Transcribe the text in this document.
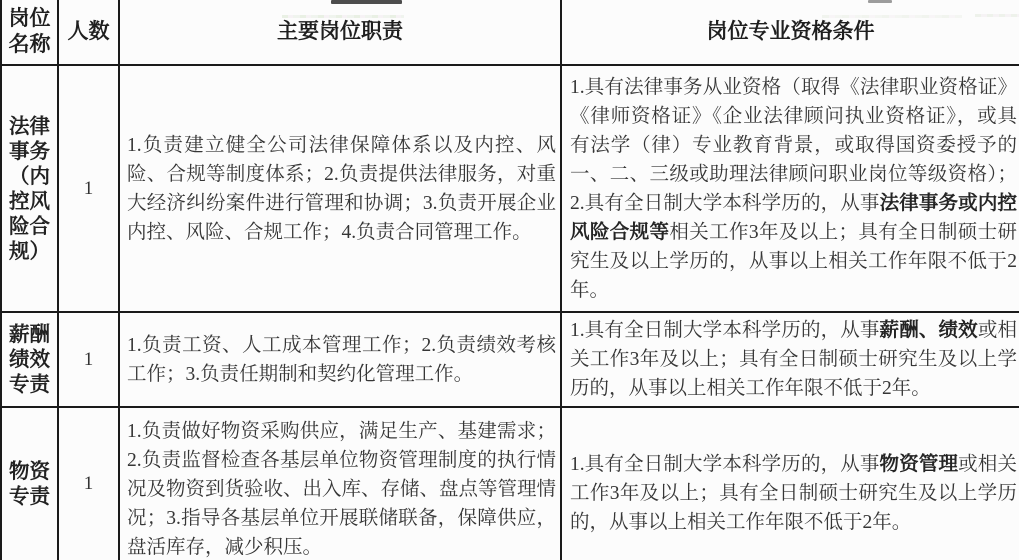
岗位名称
人数	主要岗位职责	岗位专业资格条件
法律事务（内控风险合规）
1
1.负责建立健全公司法律保障体系以及内控、风险、合规等制度体系；2.负责提供法律服务，对重大经济纠纷案件进行管理和协调；3.负责开展企业内控、风险、合规工作；4.负责合同管理工作。
1.具有法律事务从业资格（取得《法律职业资格证》《律师资格证》《企业法律顾问执业资格证》，或具有法学（律）专业教育背景，或取得国资委授予的一、二、三级或助理法律顾问职业岗位等级资格）；2.具有全日制大学本科学历的，从事法律事务或内控风险合规等相关工作3年及以上；具有全日制硕士研究生及以上学历的，从事以上相关工作年限不低于2年。
薪酬绩效专责
1
1.负责工资、人工成本管理工作；2.负责绩效考核工作；3.负责任期制和契约化管理工作。
1.具有全日制大学本科学历的，从事薪酬、绩效或相关工作3年及以上；具有全日制硕士研究生及以上学历的，从事以上相关工作年限不低于2年。
物资专责
1
1.负责做好物资采购供应，满足生产、基建需求；2.负责监督检查各基层单位物资管理制度的执行情况及物资到货验收、出入库、存储、盘点等管理情况；3.指导各基层单位开展联储联备，保障供应，盘活库存，减少积压。
1.具有全日制大学本科学历的，从事物资管理或相关工作3年及以上；具有全日制硕士研究生及以上学历的，从事以上相关工作年限不低于2年。
